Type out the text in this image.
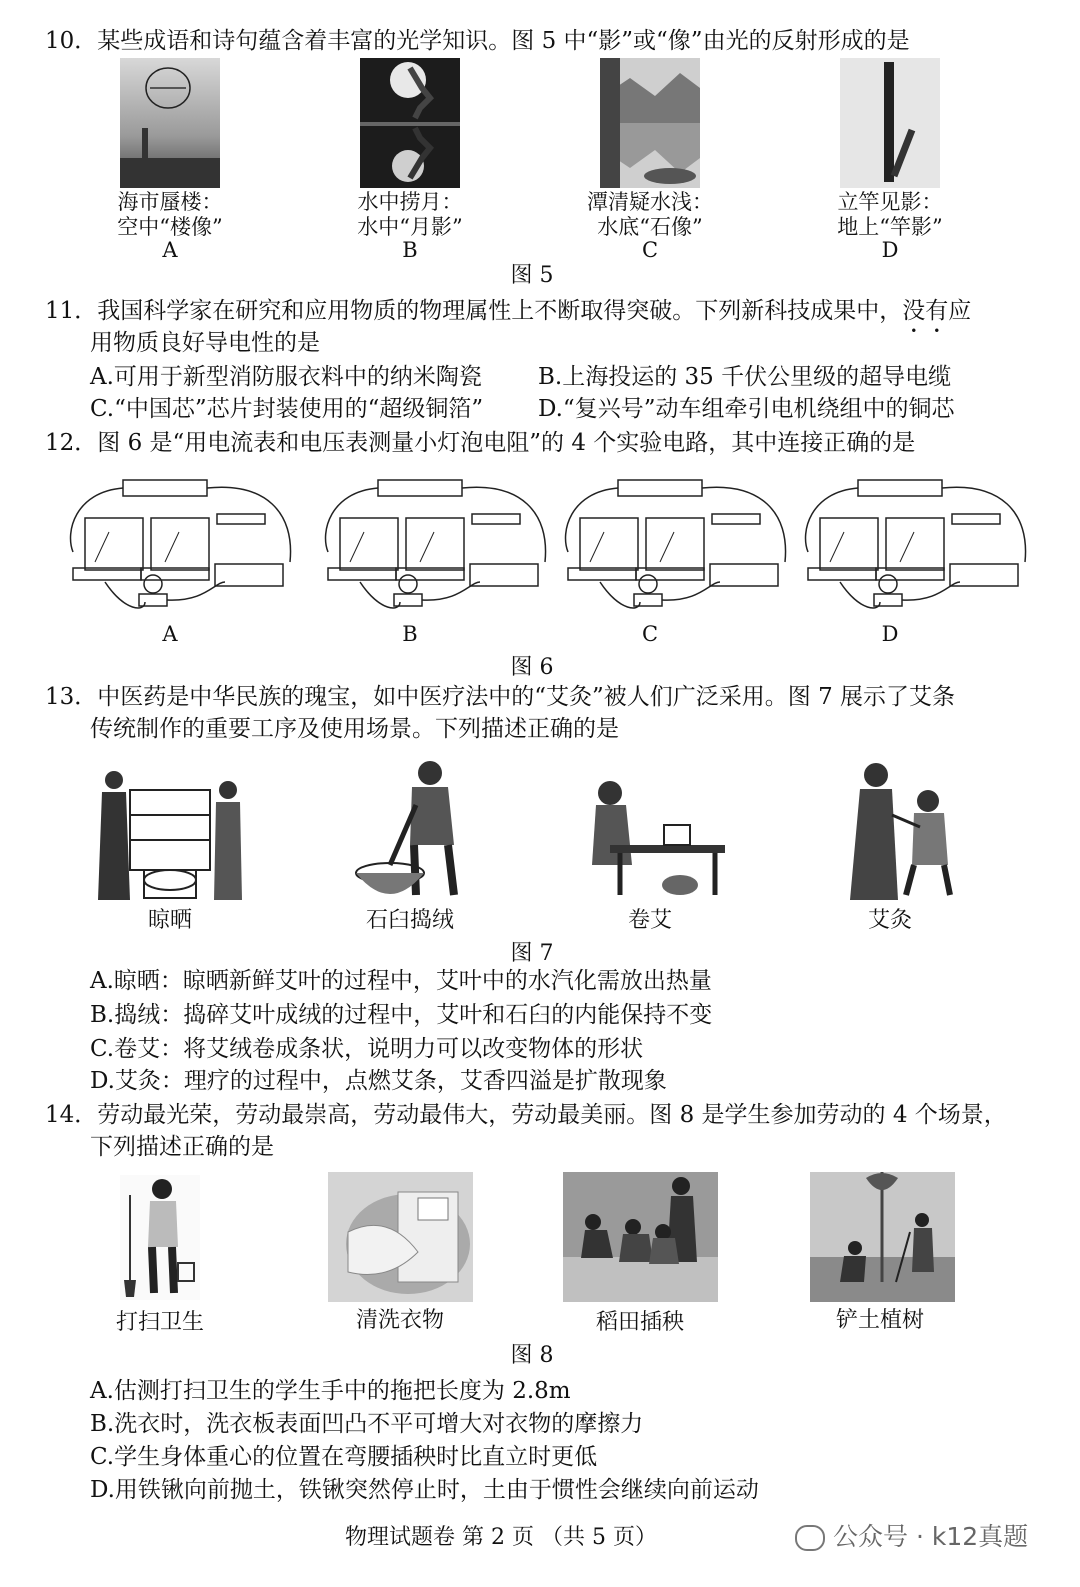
10．某些成语和诗句蕴含着丰富的光学知识。图 5 中“影”或“像”由光的反射形成的是
海市蜃楼：
空中“楼像”
水中捞月：
水中“月影”
潭清疑水浅：
水底“石像”
立竿见影：
地上“竿影”
A	B	C	D
图 5
11．我国科学家在研究和应用物质的物理属性上不断取得突破。下列新科技成果中，没有应
用物质良好导电性的是
A.可用于新型消防服衣料中的纳米陶瓷 B.上海投运的 35 千伏公里级的超导电缆
C.“中国芯”芯片封装使用的“超级铜箔” D.“复兴号”动车组牵引电机绕组中的铜芯
12．图 6 是“用电流表和电压表测量小灯泡电阻”的 4 个实验电路，其中连接正确的是
A	B	C	D
图 6
13．中医药是中华民族的瑰宝，如中医疗法中的“艾灸”被人们广泛采用。图 7 展示了艾条
传统制作的重要工序及使用场景。下列描述正确的是
晾晒	石臼捣绒	卷艾	艾灸
图 7
A.晾晒：晾晒新鲜艾叶的过程中，艾叶中的水汽化需放出热量
B.捣绒：捣碎艾叶成绒的过程中，艾叶和石臼的内能保持不变
C.卷艾：将艾绒卷成条状，说明力可以改变物体的形状
D.艾灸：理疗的过程中，点燃艾条，艾香四溢是扩散现象
14．劳动最光荣，劳动最崇高，劳动最伟大，劳动最美丽。图 8 是学生参加劳动的 4 个场景，
下列描述正确的是
打扫卫生	清洗衣物	稻田插秧	铲土植树
图 8
A.估测打扫卫生的学生手中的拖把长度为 2.8m
B.洗衣时，洗衣板表面凹凸不平可增大对衣物的摩擦力
C.学生身体重心的位置在弯腰插秧时比直立时更低
D.用铁锹向前抛土，铁锹突然停止时，土由于惯性会继续向前运动
物理试题卷 第 2 页 （共 5 页）	公众号 · k12真题
